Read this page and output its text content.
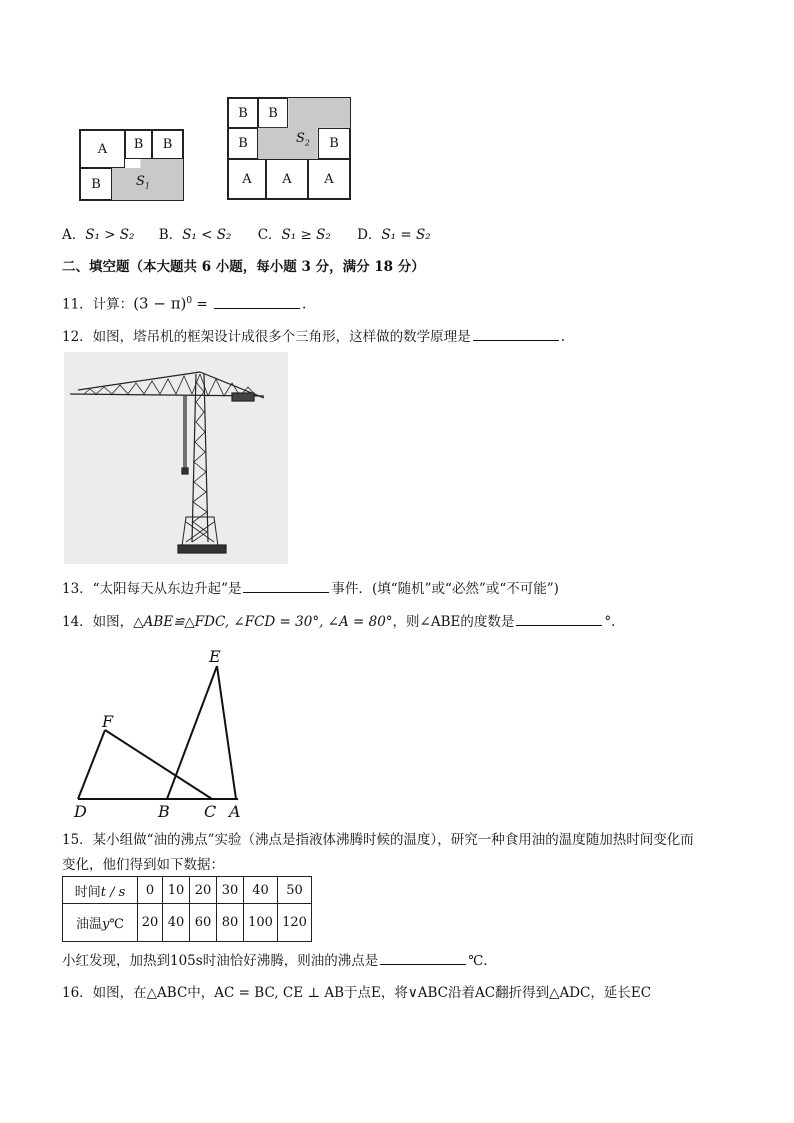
A B B
B	$S_1$
B B
B	B
A A	A
$S_2$
A．S₁ > S₂ B．S₁ < S₂ C．S₁ ≥ S₂ D．S₁ = S₂
二、填空题（本大题共 6 小题，每小题 3 分，满分 18 分）
11．计算：$(3 - \pi)^0$ =	.
12．如图，塔吊机的框架设计成很多个三角形，这样做的数学原理是	.
13．“太阳每天从东边升起”是	事件．(填“随机”或“必然”或“不可能”)
14．如图，△ABE≌△FDC, ∠FCD = 30°, ∠A = 80°，则∠ABE的度数是	°.
E
F
D	B C A
15．某小组做“油的沸点”实验（沸点是指液体沸腾时候的温度），研究一种食用油的温度随加热时间变化而
变化，他们得到如下数据：
时间t / s	0	10	20	30	40	50
油温y℃	20	40	60	80	100	120
小红发现，加热到105s时油恰好沸腾，则油的沸点是	℃.
16．如图，在△ABC中，AC = BC, CE ⊥ AB于点E，将∨ABC沿着AC翻折得到△ADC，延长EC
